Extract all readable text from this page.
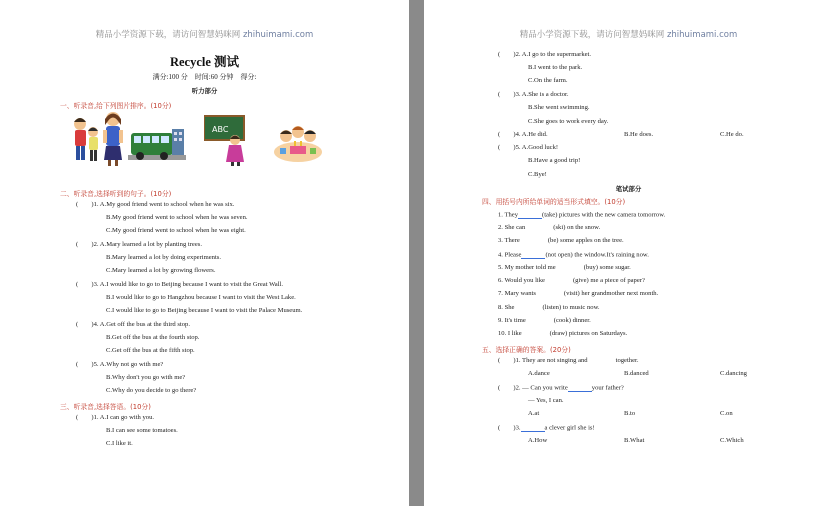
精品小学资源下载，请访问智慧妈咪网 zhihuimami.com
Recycle 测试
满分:100 分　时间:60 分钟　得分:
听力部分
一、听录音,给下列图片排序。(10分)
ABC
二、听录音,选择听到的句子。(10分)
(　　)1. A.My good friend went to school when he was six.
B.My good friend went to school when he was seven.
C.My good friend went to school when he was eight.
(　　)2. A.Mary learned a lot by planting trees.
B.Mary learned a lot by doing experiments.
C.Mary learned a lot by growing flowers.
(　　)3. A.I would like to go to Beijing because I want to visit the Great Wall.
B.I would like to go to Hangzhou because I want to visit the West Lake.
C.I would like to go to Beijing because I want to visit the Palace Museum.
(　　)4. A.Get off the bus at the third stop.
B.Get off the bus at the fourth stop.
C.Get off the bus at the fifth stop.
(　　)5. A.Why not go with me?
B.Why don't you go with me?
C.Why do you decide to go there?
三、听录音,选择答语。(10分)
(　　)1. A.I can go with you.
B.I can see some tomatoes.
C.I like it.
精品小学资源下载，请访问智慧妈咪网 zhihuimami.com
(　　)2. A.I go to the supermarket.
B.I went to the park.
C.On the farm.
(　　)3. A.She is a doctor.
B.She went swimming.
C.She goes to work every day.
(　　)4. A.He did.	B.He does.	C.He do.
(　　)5. A.Good luck!
B.Have a good trip!
C.Bye!
笔试部分
四、用括号内所给单词的适当形式填空。(10分)
1. They	(take) pictures with the new camera tomorrow.
2. She can	(ski) on the snow.
3. There	(be) some apples on the tree.
4. Please	(not open) the window.It's raining now.
5. My mother told me	(buy) some sugar.
6. Would you like	(give) me a piece of paper?
7. Mary wants	(visit) her grandmother next month.
8. She	(listen) to music now.
9. It's time	(cook) dinner.
10. I like	(draw) pictures on Saturdays.
五、选择正确的答案。(20分)
(　　)1. They are not singing and	together.
A.dance	B.danced	C.dancing
(　　)2. — Can you write	your father?
— Yes, I can.
A.at	B.to	C.on
(　　)3.	a clever girl she is!
A.How	B.What	C.Which
